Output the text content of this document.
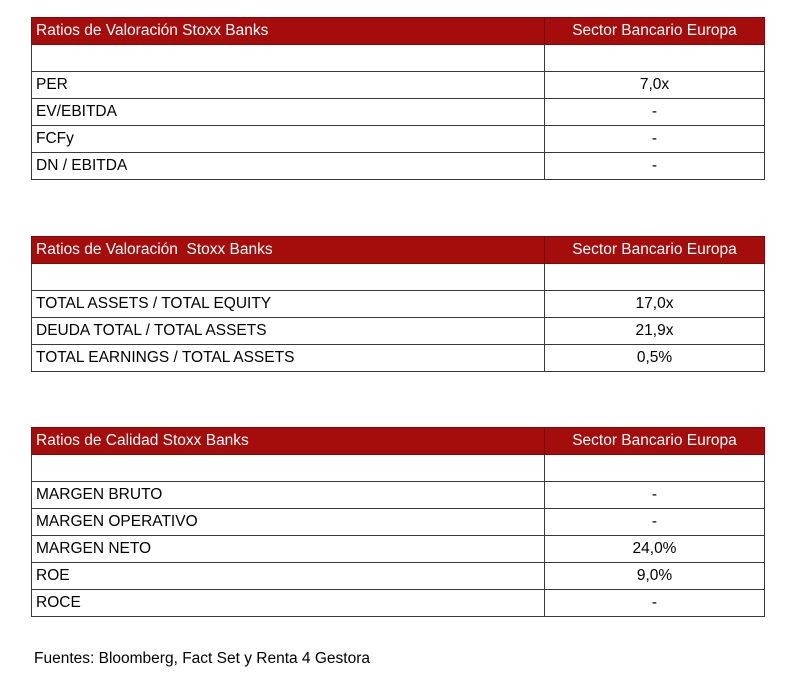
Ratios de Valoración Stoxx Banks	Sector Bancario Europa

PER	7,0x
EV/EBITDA	-
FCFy	-
DN / EBITDA	-
Ratios de Valoración  Stoxx Banks	Sector Bancario Europa

TOTAL ASSETS / TOTAL EQUITY	17,0x
DEUDA TOTAL / TOTAL ASSETS	21,9x
TOTAL EARNINGS / TOTAL ASSETS	0,5%
Ratios de Calidad Stoxx Banks	Sector Bancario Europa

MARGEN BRUTO	-
MARGEN OPERATIVO	-
MARGEN NETO	24,0%
ROE	9,0%
ROCE	-
Fuentes: Bloomberg, Fact Set y Renta 4 Gestora
